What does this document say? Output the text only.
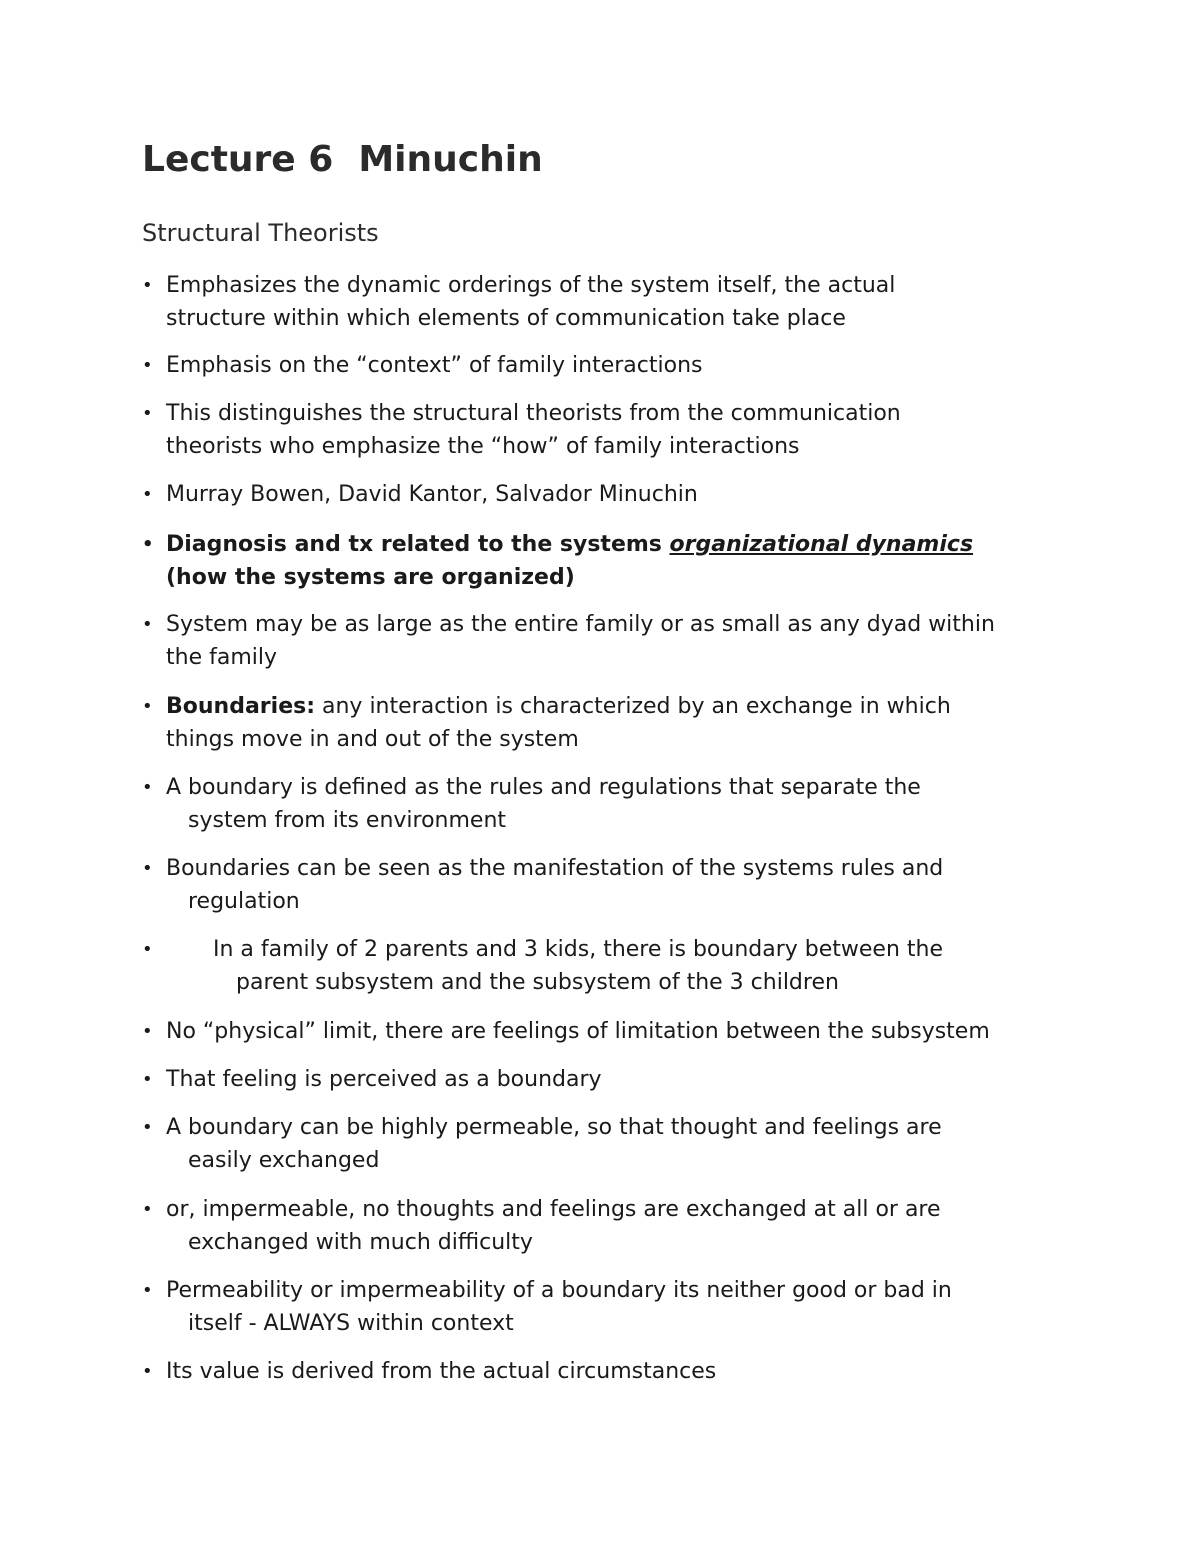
Lecture 6  Minuchin
Structural Theorists
• Emphasizes the dynamic orderings of the system itself, the actual
structure within which elements of communication take place
• Emphasis on the “context” of family interactions
• This distinguishes the structural theorists from the communication
theorists who emphasize the “how” of family interactions
• Murray Bowen, David Kantor, Salvador Minuchin
• Diagnosis and tx related to the systems organizational dynamics
(how the systems are organized)
• System may be as large as the entire family or as small as any dyad within
the family
• Boundaries: any interaction is characterized by an exchange in which
things move in and out of the system
• A boundary is defined as the rules and regulations that separate the
system from its environment
• Boundaries can be seen as the manifestation of the systems rules and
regulation
•	In a family of 2 parents and 3 kids, there is boundary between the
parent subsystem and the subsystem of the 3 children
• No “physical” limit, there are feelings of limitation between the subsystem
• That feeling is perceived as a boundary
• A boundary can be highly permeable, so that thought and feelings are
easily exchanged
• or, impermeable, no thoughts and feelings are exchanged at all or are
exchanged with much difficulty
• Permeability or impermeability of a boundary its neither good or bad in
itself - ALWAYS within context
• Its value is derived from the actual circumstances
